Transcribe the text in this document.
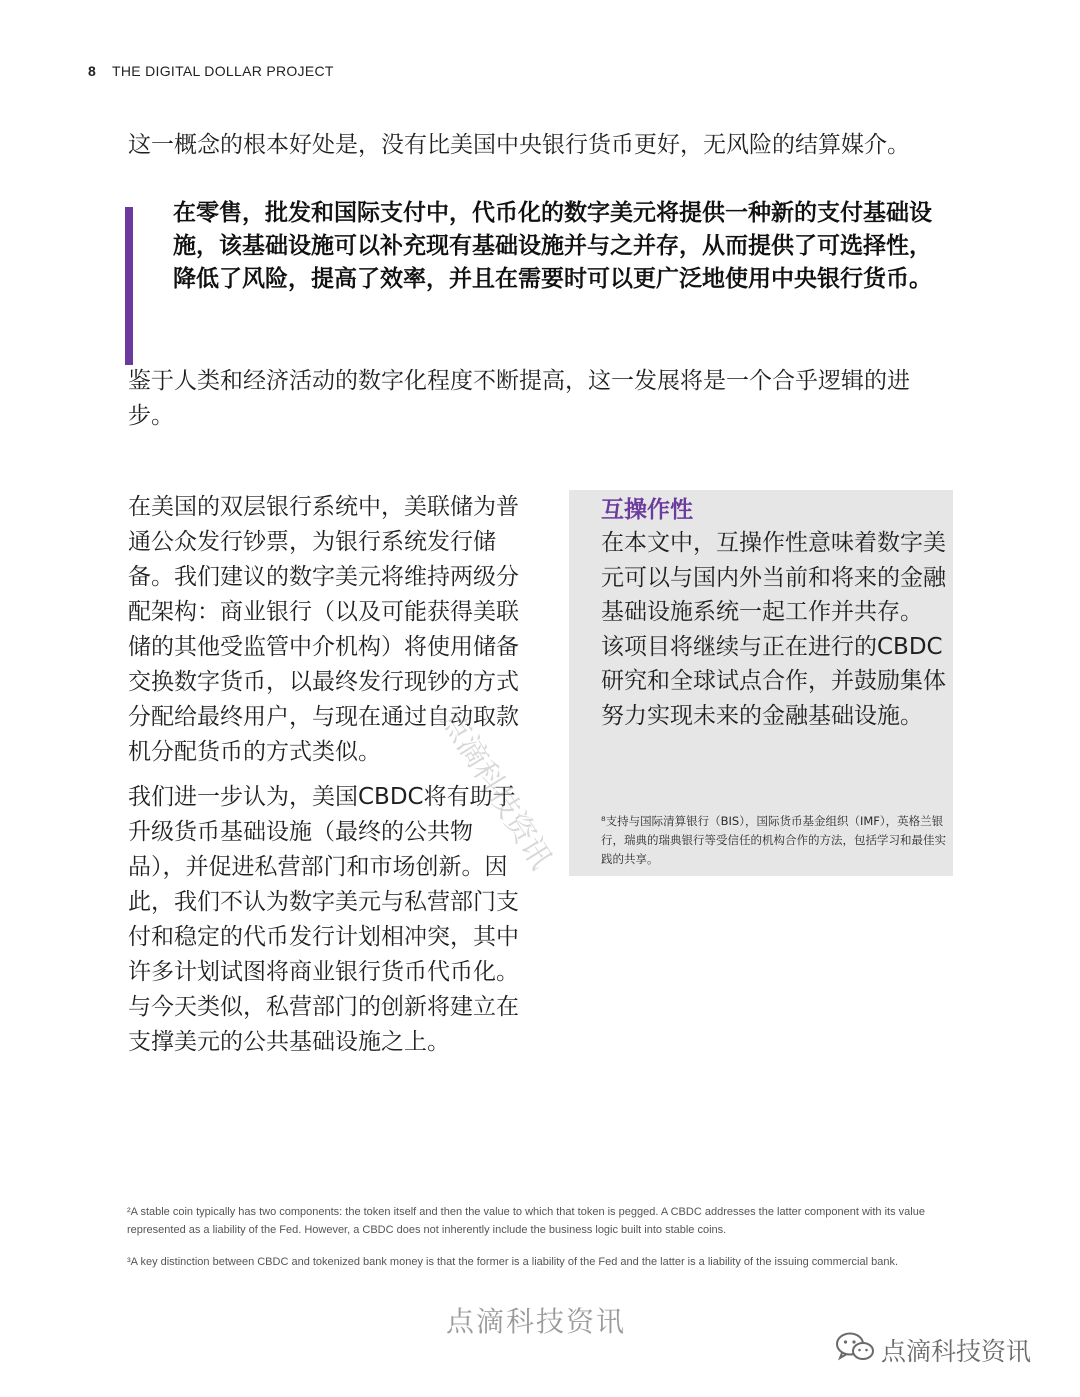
8 THE DIGITAL DOLLAR PROJECT
这一概念的根本好处是，没有比美国中央银行货币更好，无风险的结算媒介。
在零售，批发和国际支付中，代币化的数字美元将提供一种新的支付基础设施，该基础设施可以补充现有基础设施并与之并存，从而提供了可选择性，降低了风险，提高了效率，并且在需要时可以更广泛地使用中央银行货币。
鉴于人类和经济活动的数字化程度不断提高，这一发展将是一个合乎逻辑的进步。

在美国的双层银行系统中，美联储为普通公众发行钞票，为银行系统发行储备。我们建议的数字美元将维持两级分配架构：商业银行（以及可能获得美联储的其他受监管中介机构）将使用储备交换数字货币，以最终发行现钞的方式分配给最终用户，与现在通过自动取款机分配货币的方式类似。

我们进一步认为，美国CBDC将有助于升级货币基础设施（最终的公共物品），并促进私营部门和市场创新。因此，我们不认为数字美元与私营部门支付和稳定的代币发行计划相冲突，其中许多计划试图将商业银行货币代币化。与今天类似，私营部门的创新将建立在支撑美元的公共基础设施之上。

互操作性

在本文中，互操作性意味着数字美元可以与国内外当前和将来的金融基础设施系统一起工作并共存。

该项目将继续与正在进行的CBDC研究和全球试点合作，并鼓励集体努力实现未来的金融基础设施。

⁸支持与国际清算银行（BIS），国际货币基金组织（IMF），英格兰银行，瑞典的瑞典银行等受信任的机构合作的方法，包括学习和最佳实践的共享。
点滴科技资讯

²A stable coin typically has two components: the token itself and then the value to which that token is pegged. A CBDC addresses the latter component with its value represented as a liability of the Fed. However, a CBDC does not inherently include the business logic built into stable coins.

³A key distinction between CBDC and tokenized bank money is that the former is a liability of the Fed and the latter is a liability of the issuing commercial bank.

点滴科技资讯
点滴科技资讯
